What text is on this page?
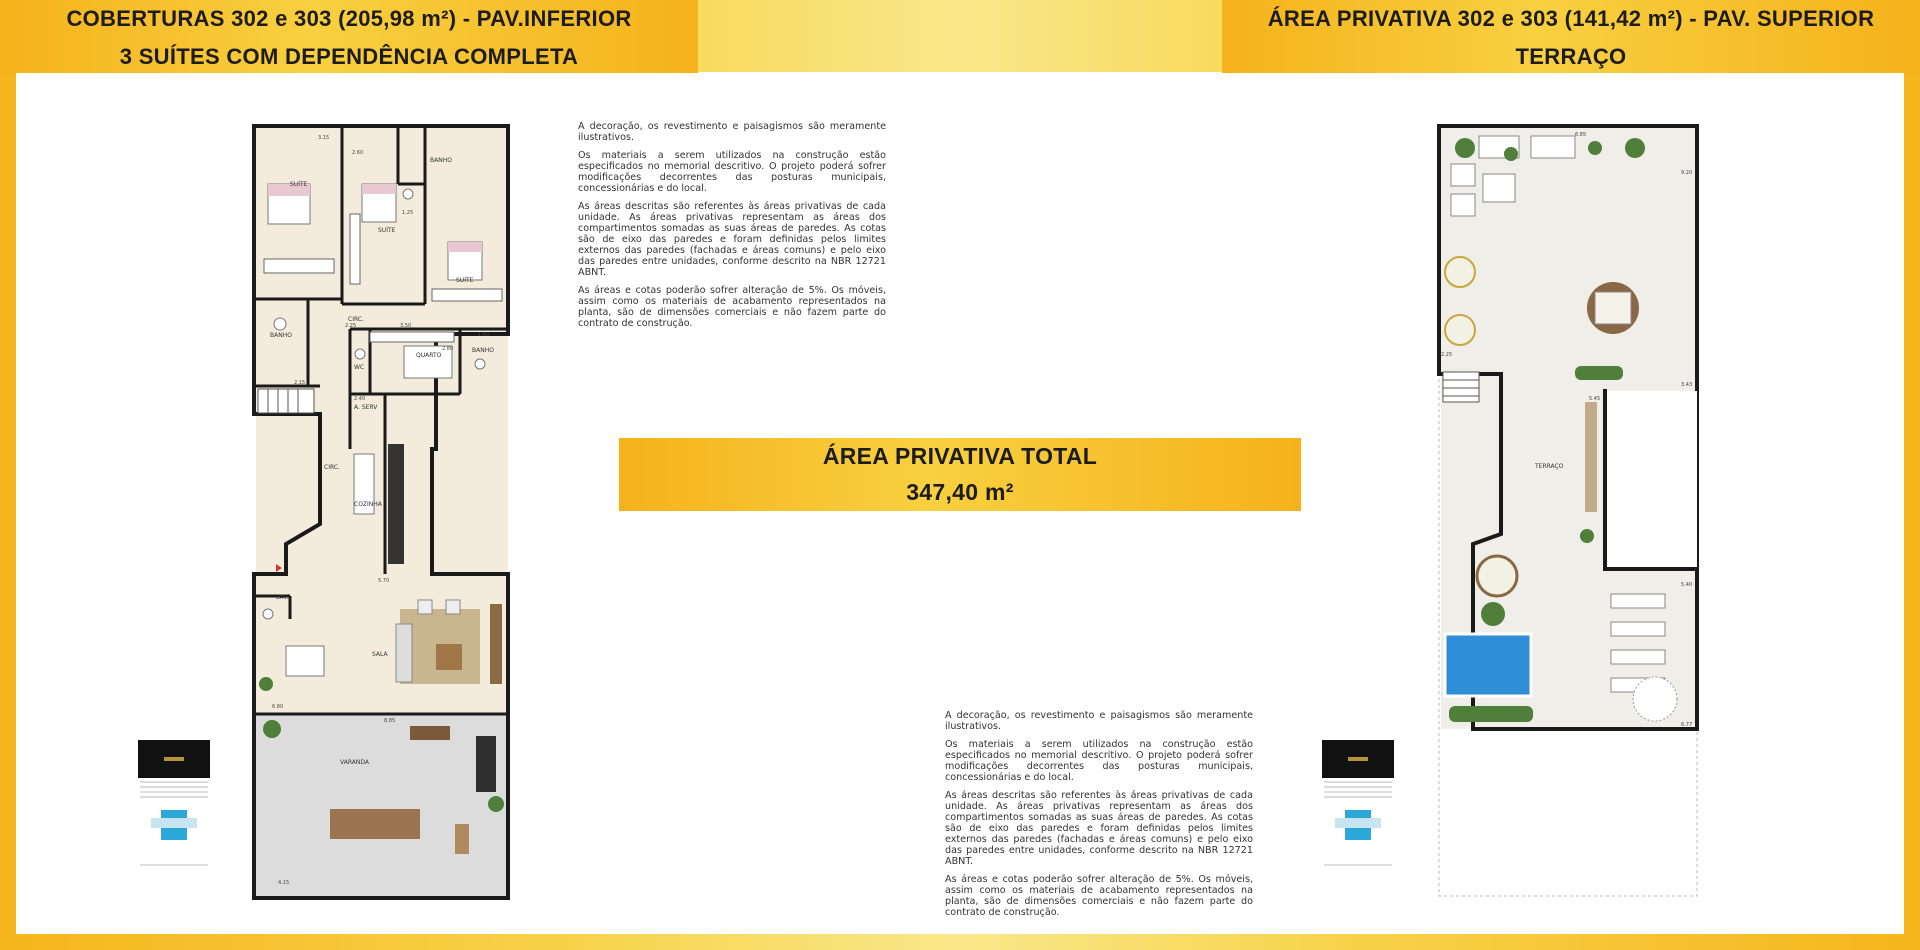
COBERTURAS 302 e 303 (205,98 m²) - PAV.INFERIOR
3 SUÍTES COM DEPENDÊNCIA COMPLETA
ÁREA PRIVATIVA 302 e 303 (141,42 m²) - PAV. SUPERIOR
TERRAÇO
ÁREA PRIVATIVA TOTAL
347,40 m²

A decoração, os revestimento e paisagismos são meramente ilustrativos.

Os materiais a serem utilizados na construção estão especificados no memorial descritivo. O projeto poderá sofrer modificações decorrentes das posturas municipais, concessionárias e do local.

As áreas descritas são referentes às áreas privativas de cada unidade. As áreas privativas representam as áreas dos compartimentos somadas as suas áreas de paredes. As cotas são de eixo das paredes e foram definidas pelos limites externos das paredes (fachadas e áreas comuns) e pelo eixo das paredes entre unidades, conforme descrito na NBR 12721 ABNT.

As áreas e cotas poderão sofrer alteração de 5%. Os móveis, assim como os materiais de acabamento representados na planta, são de dimensões comerciais e não fazem parte do contrato de construção.

A decoração, os revestimento e paisagismos são meramente ilustrativos.

Os materiais a serem utilizados na construção estão especificados no memorial descritivo. O projeto poderá sofrer modificações decorrentes das posturas municipais, concessionárias e do local.

As áreas descritas são referentes às áreas privativas de cada unidade. As áreas privativas representam as áreas dos compartimentos somadas as suas áreas de paredes. As cotas são de eixo das paredes e foram definidas pelos limites externos das paredes (fachadas e áreas comuns) e pelo eixo das paredes entre unidades, conforme descrito na NBR 12721 ABNT.

As áreas e cotas poderão sofrer alteração de 5%. Os móveis, assim como os materiais de acabamento representados na planta, são de dimensões comerciais e não fazem parte do contrato de construção.

SUÍTE
SUÍTE
SUÍTE
BANHO
BANHO
BANHO
CIRC.
CIRC.
WC
QUARTO
A. SERV
COZINHA
LAV.
SALA
VARANDA
3.15
2.60
2.25
1.25
3.50
1.60
2.80
2.15
2.40
5.70
8.85
4.15
6.80
TERRAÇO
6.85
9.20
3.43
5.45
2.25
6.77
5.40
